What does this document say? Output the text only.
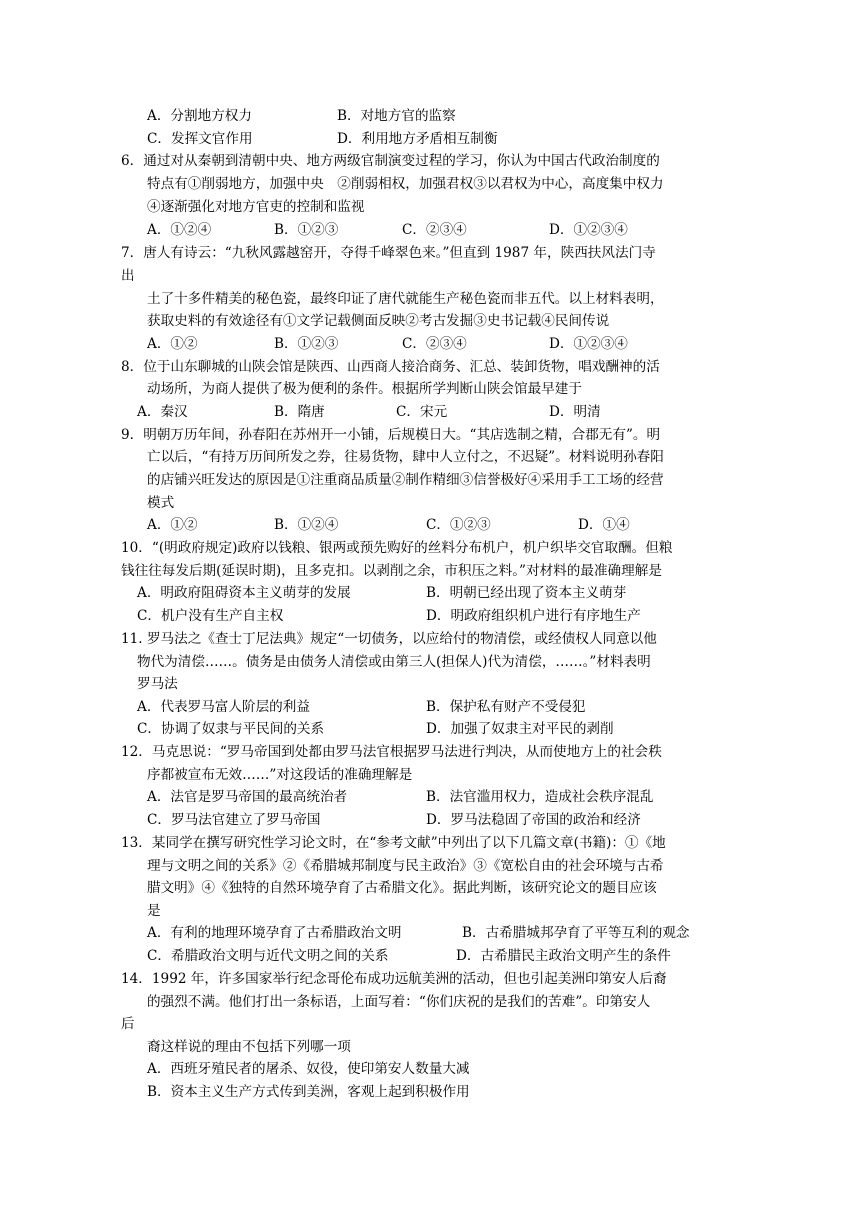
A．分割地方权力	B．对地方官的监察
C．发挥文官作用	D．利用地方矛盾相互制衡
6．通过对从秦朝到清朝中央、地方两级官制演变过程的学习，你认为中国古代政治制度的
特点有①削弱地方，加强中央　②削弱相权，加强君权③以君权为中心，高度集中权力
④逐渐强化对地方官吏的控制和监视
A．①②④	B．①②③	C．②③④	D．①②③④
7．唐人有诗云：“九秋风露越窑开，夺得千峰翠色来。”但直到 1987 年，陕西扶风法门寺
出
土了十多件精美的秘色瓷，最终印证了唐代就能生产秘色瓷而非五代。以上材料表明，
获取史料的有效途径有①文学记载侧面反映②考古发掘③史书记载④民间传说
A．①②	B．①②③	C．②③④	D．①②③④
8．位于山东聊城的山陕会馆是陕西、山西商人接洽商务、汇总、装卸货物，唱戏酬神的活
动场所，为商人提供了极为便利的条件。根据所学判断山陕会馆最早建于
A．秦汉	B．隋唐	C．宋元	D．明清
9．明朝万历年间，孙春阳在苏州开一小铺，后规模日大。“其店选制之精，合郡无有”。明
亡以后，“有持万历间所发之券，往易货物，肆中人立付之，不迟疑”。材料说明孙春阳
的店铺兴旺发达的原因是①注重商品质量②制作精细③信誉极好④采用手工工场的经营
模式
A．①②	B．①②④	C．①②③	D．①④
10．“(明政府规定)政府以钱粮、银两或预先购好的丝料分布机户，机户织毕交官取酬。但粮
钱往往每发后期(延误时期)，且多克扣。以剥削之余，市积压之料。”对材料的最准确理解是
A．明政府阻碍资本主义萌芽的发展	B．明朝已经出现了资本主义萌芽
C．机户没有生产自主权	D．明政府组织机户进行有序地生产
11. 罗马法之《查士丁尼法典》规定“一切债务，以应给付的物清偿，或经债权人同意以他
物代为清偿……。债务是由债务人清偿或由第三人(担保人)代为清偿，……。”材料表明
罗马法
A．代表罗马富人阶层的利益	B．保护私有财产不受侵犯
C．协调了奴隶与平民间的关系	D．加强了奴隶主对平民的剥削
12．马克思说：“罗马帝国到处都由罗马法官根据罗马法进行判决，从而使地方上的社会秩
序都被宣布无效……”对这段话的准确理解是
A．法官是罗马帝国的最高统治者	B．法官滥用权力，造成社会秩序混乱
C．罗马法官建立了罗马帝国	D．罗马法稳固了帝国的政治和经济
13．某同学在撰写研究性学习论文时，在“参考文献”中列出了以下几篇文章(书籍)：①《地
理与文明之间的关系》②《希腊城邦制度与民主政治》③《宽松自由的社会环境与古希
腊文明》④《独特的自然环境孕育了古希腊文化》。据此判断，该研究论文的题目应该
是
A．有利的地理环境孕育了古希腊政治文明	B．古希腊城邦孕育了平等互利的观念
C．希腊政治文明与近代文明之间的关系	D．古希腊民主政治文明产生的条件
14．1992 年，许多国家举行纪念哥伦布成功远航美洲的活动，但也引起美洲印第安人后裔
的强烈不满。他们打出一条标语，上面写着：“你们庆祝的是我们的苦难”。印第安人
后
裔这样说的理由不包括下列哪一项
A．西班牙殖民者的屠杀、奴役，使印第安人数量大减
B．资本主义生产方式传到美洲，客观上起到积极作用
